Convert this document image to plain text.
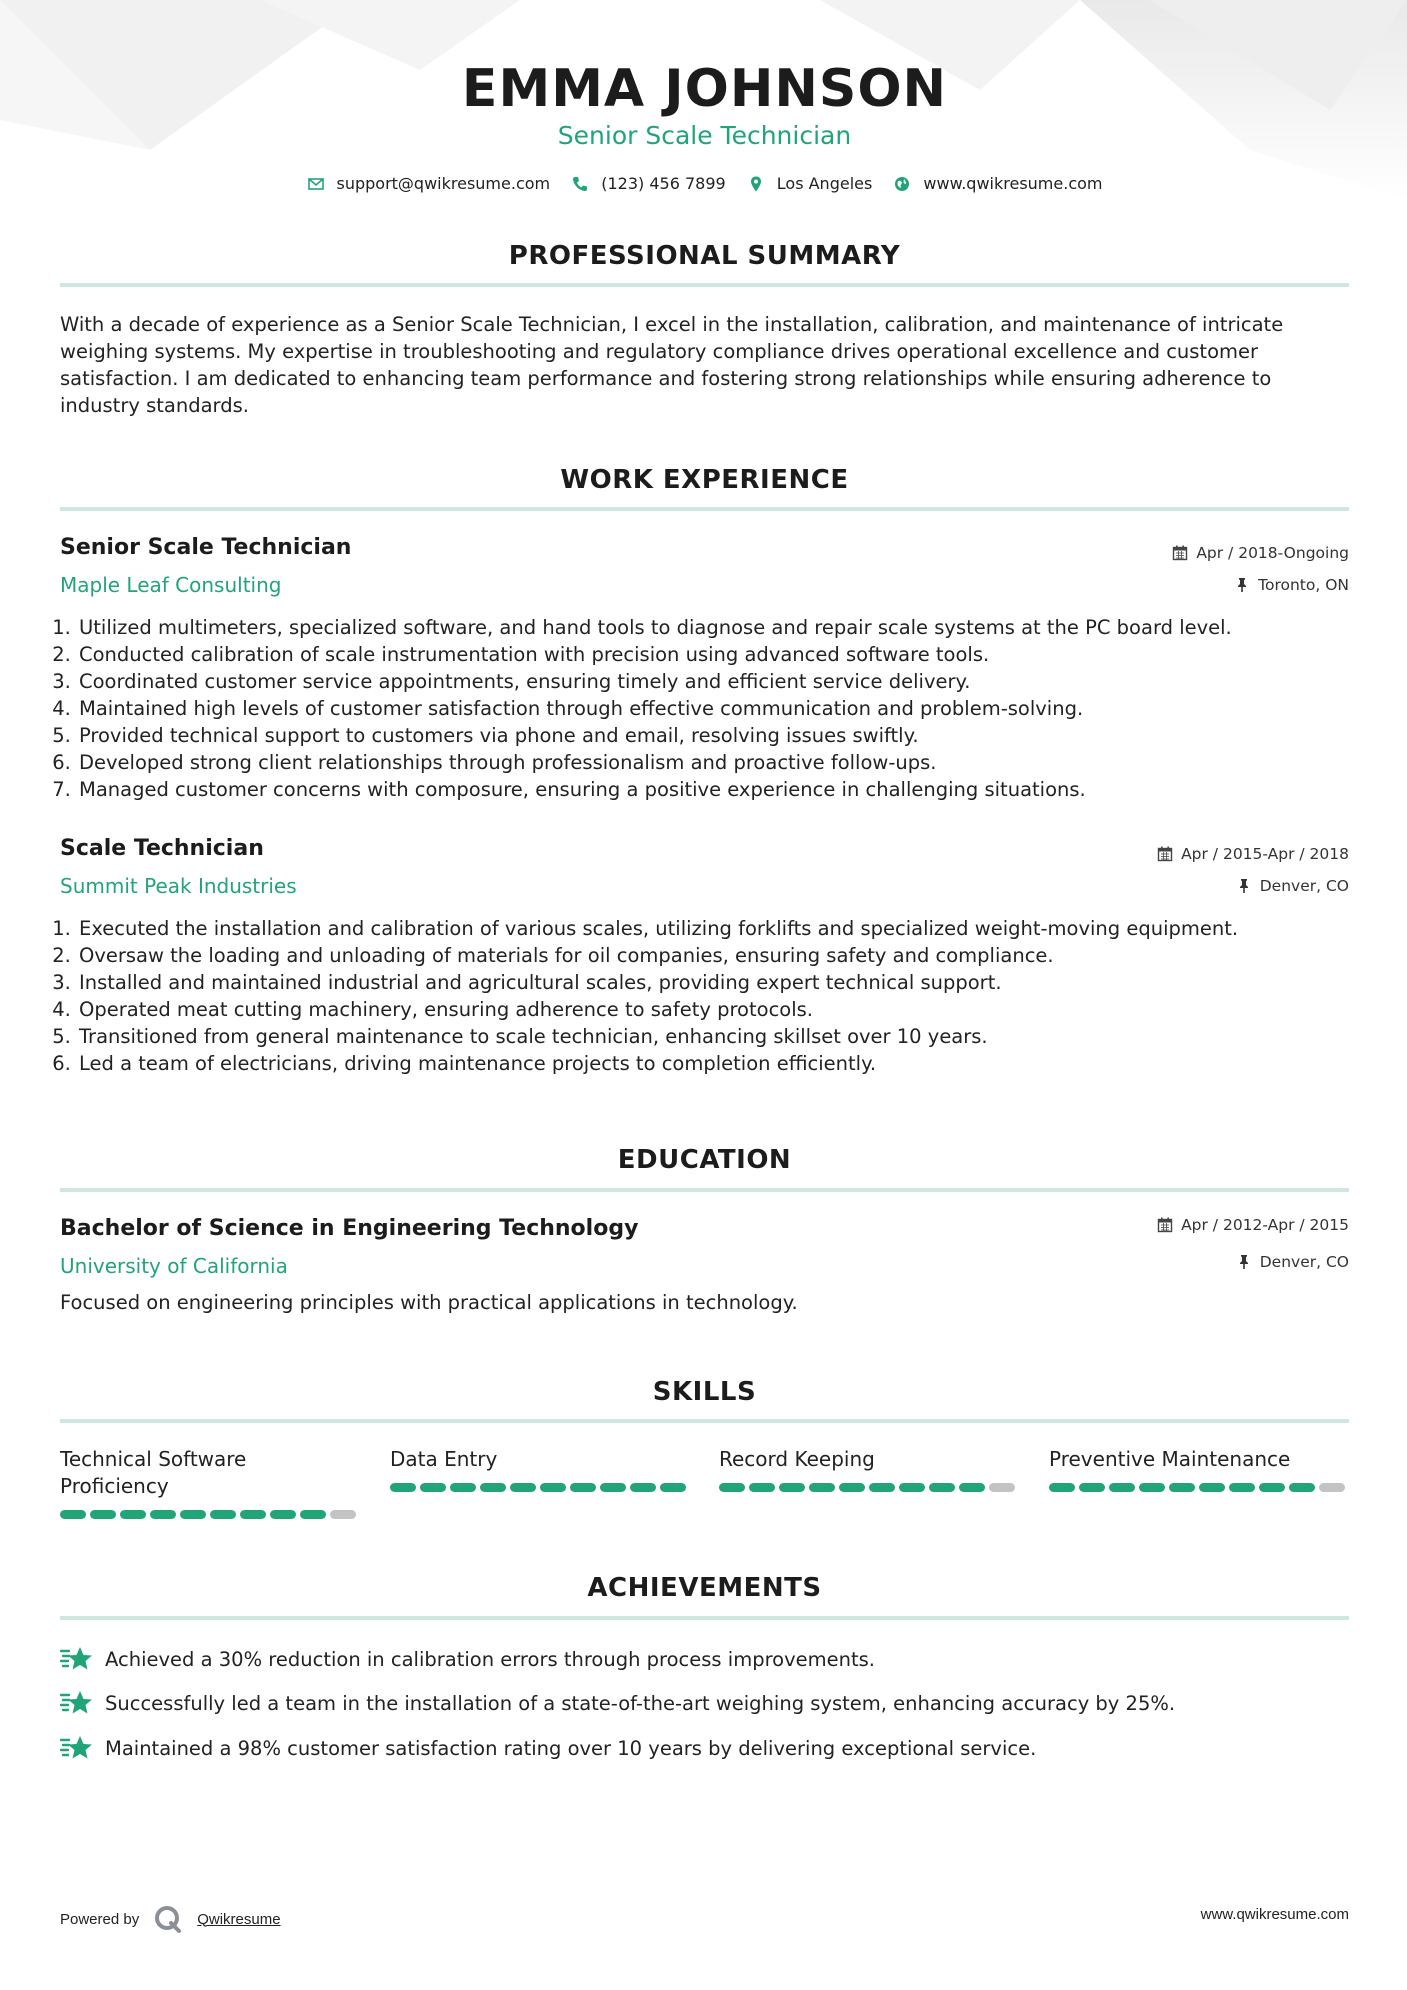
EMMA JOHNSON
Senior Scale Technician
support@qwikresume.com
	(123) 456 7899
	Los Angeles
	www.qwikresume.com
PROFESSIONAL SUMMARY
With a decade of experience as a Senior Scale Technician, I excel in the installation, calibration, and maintenance of intricate
weighing systems. My expertise in troubleshooting and regulatory compliance drives operational excellence and customer
satisfaction. I am dedicated to enhancing team performance and fostering strong relationships while ensuring adherence to
industry standards.
WORK EXPERIENCE
Senior Scale Technician	Apr / 2018-Ongoing
Maple Leaf Consulting	Toronto, ON
1. Utilized multimeters, specialized software, and hand tools to diagnose and repair scale systems at the PC board level.
2. Conducted calibration of scale instrumentation with precision using advanced software tools.
3. Coordinated customer service appointments, ensuring timely and efficient service delivery.
4. Maintained high levels of customer satisfaction through effective communication and problem-solving.
5. Provided technical support to customers via phone and email, resolving issues swiftly.
6. Developed strong client relationships through professionalism and proactive follow-ups.
7. Managed customer concerns with composure, ensuring a positive experience in challenging situations.
Scale Technician	Apr / 2015-Apr / 2018
Summit Peak Industries	Denver, CO
1. Executed the installation and calibration of various scales, utilizing forklifts and specialized weight-moving equipment.
2. Oversaw the loading and unloading of materials for oil companies, ensuring safety and compliance.
3. Installed and maintained industrial and agricultural scales, providing expert technical support.
4. Operated meat cutting machinery, ensuring adherence to safety protocols.
5. Transitioned from general maintenance to scale technician, enhancing skillset over 10 years.
6. Led a team of electricians, driving maintenance projects to completion efficiently.
EDUCATION
Bachelor of Science in Engineering Technology	Apr / 2012-Apr / 2015
University of California	Denver, CO
Focused on engineering principles with practical applications in technology.
SKILLS
Technical Software
Proficiency
Data Entry	Record Keeping	Preventive Maintenance
ACHIEVEMENTS
Achieved a 30% reduction in calibration errors through process improvements.
Successfully led a team in the installation of a state-of-the-art weighing system, enhancing accuracy by 25%.
Maintained a 98% customer satisfaction rating over 10 years by delivering exceptional service.
Powered by	Qwikresume	www.qwikresume.com
